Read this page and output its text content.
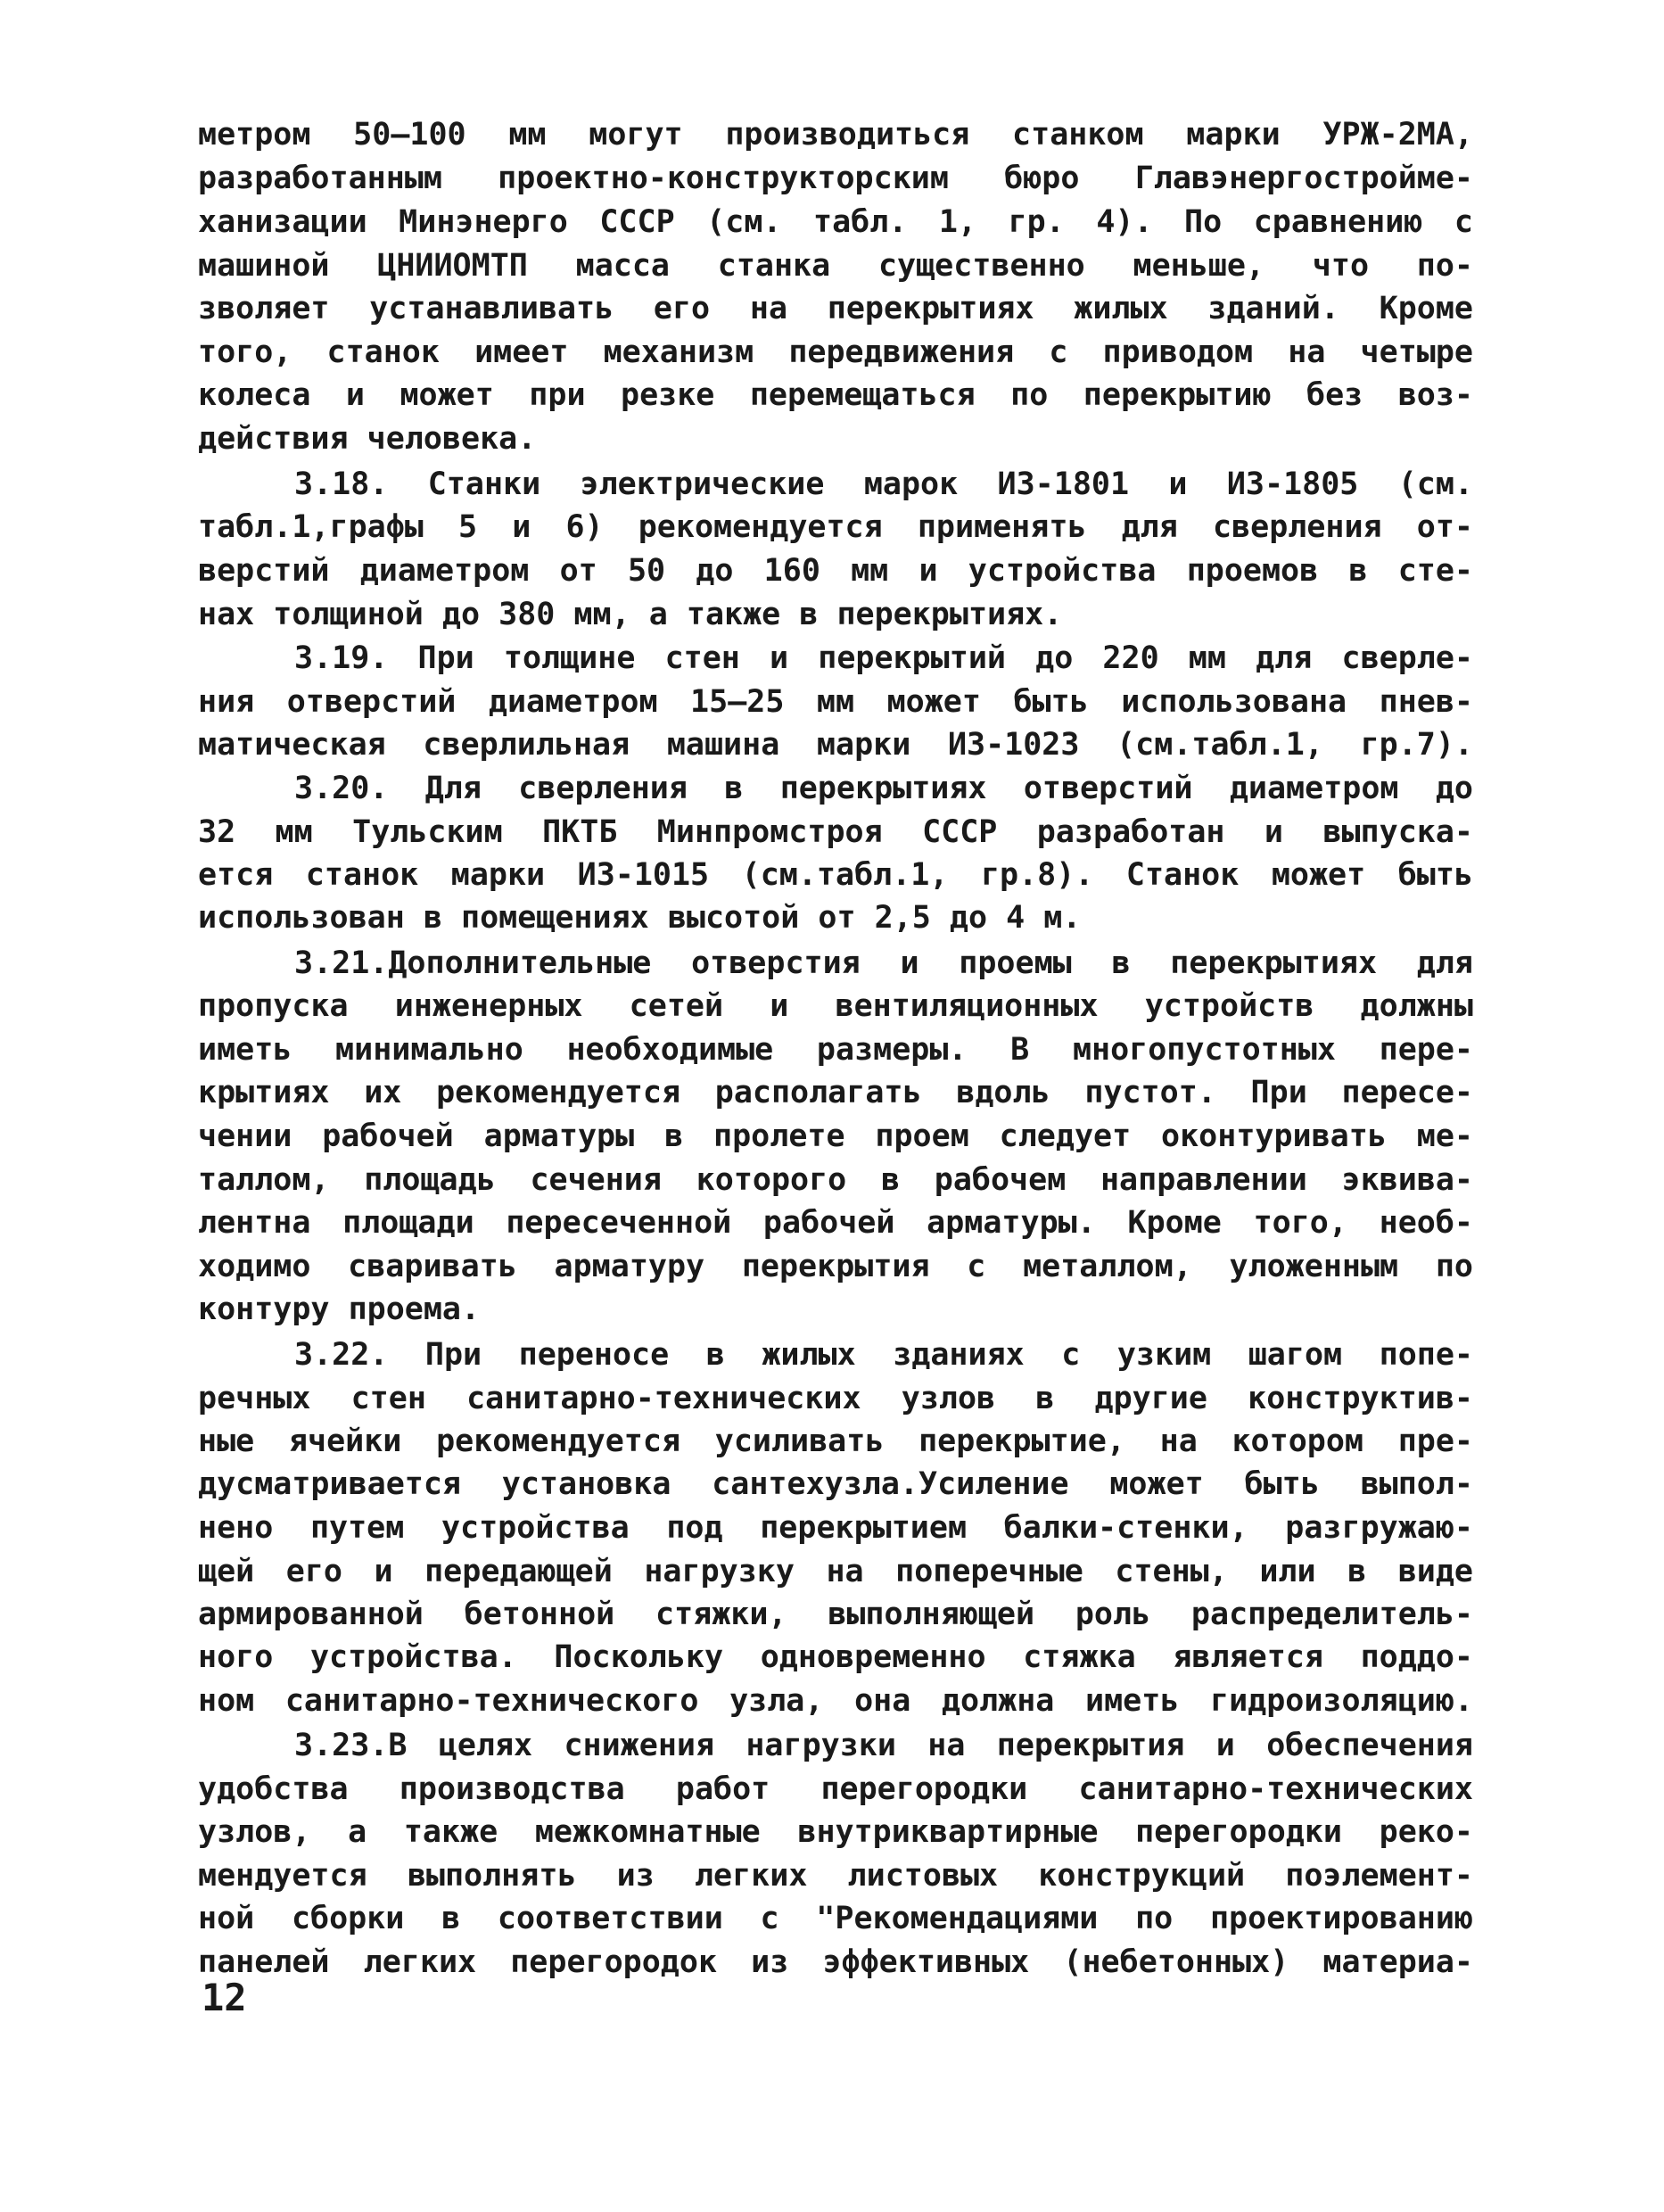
метром 50–100 мм могут производиться станком марки УРЖ-2МА,
разработанным проектно-конструкторским бюро Главэнергостройме-
ханизации Минэнерго СССР (см. табл. 1, гр. 4). По сравнению с
машиной ЦНИИОМТП масса станка существенно меньше, что по-
зволяет устанавливать его на перекрытиях жилых зданий. Кроме
того, станок имеет механизм передвижения с приводом на четыре
колеса и может при резке перемещаться по перекрытию без воз-
действия человека.
3.18. Станки электрические марок ИЗ-1801 и ИЗ-1805 (см.
табл.1,графы 5 и 6) рекомендуется применять для сверления от-
верстий диаметром от 50 до 160 мм и устройства проемов в сте-
нах толщиной до 380 мм, а также в перекрытиях.
3.19. При толщине стен и перекрытий до 220 мм для сверле-
ния отверстий диаметром 15–25 мм может быть использована пнев-
матическая сверлильная машина марки ИЗ-1023 (см.табл.1, гр.7).
3.20. Для сверления в перекрытиях отверстий диаметром до
32 мм Тульским ПКТБ Минпромстроя СССР разработан и выпуска-
ется станок марки ИЗ-1015 (см.табл.1, гр.8). Станок может быть
использован в помещениях высотой от 2,5 до 4 м.
3.21.Дополнительные отверстия и проемы в перекрытиях для
пропуска инженерных сетей и вентиляционных устройств должны
иметь минимально необходимые размеры. В многопустотных пере-
крытиях их рекомендуется располагать вдоль пустот. При пересе-
чении рабочей арматуры в пролете проем следует оконтуривать ме-
таллом, площадь сечения которого в рабочем направлении эквива-
лентна площади пересеченной рабочей арматуры. Кроме того, необ-
ходимо сваривать арматуру перекрытия с металлом, уложенным по
контуру проема.
3.22. При переносе в жилых зданиях с узким шагом попе-
речных стен санитарно-технических узлов в другие конструктив-
ные ячейки рекомендуется усиливать перекрытие, на котором пре-
дусматривается установка сантехузла.Усиление может быть выпол-
нено путем устройства под перекрытием балки-стенки, разгружаю-
щей его и передающей нагрузку на поперечные стены, или в виде
армированной бетонной стяжки, выполняющей роль распределитель-
ного устройства. Поскольку одновременно стяжка является поддо-
ном санитарно-технического узла, она должна иметь гидроизоляцию.
3.23.В целях снижения нагрузки на перекрытия и обеспечения
удобства производства работ перегородки санитарно-технических
узлов, а также межкомнатные внутриквартирные перегородки реко-
мендуется выполнять из легких листовых конструкций поэлемент-
ной сборки в соответствии с "Рекомендациями по проектированию
панелей легких перегородок из эффективных (небетонных) материа-
12
